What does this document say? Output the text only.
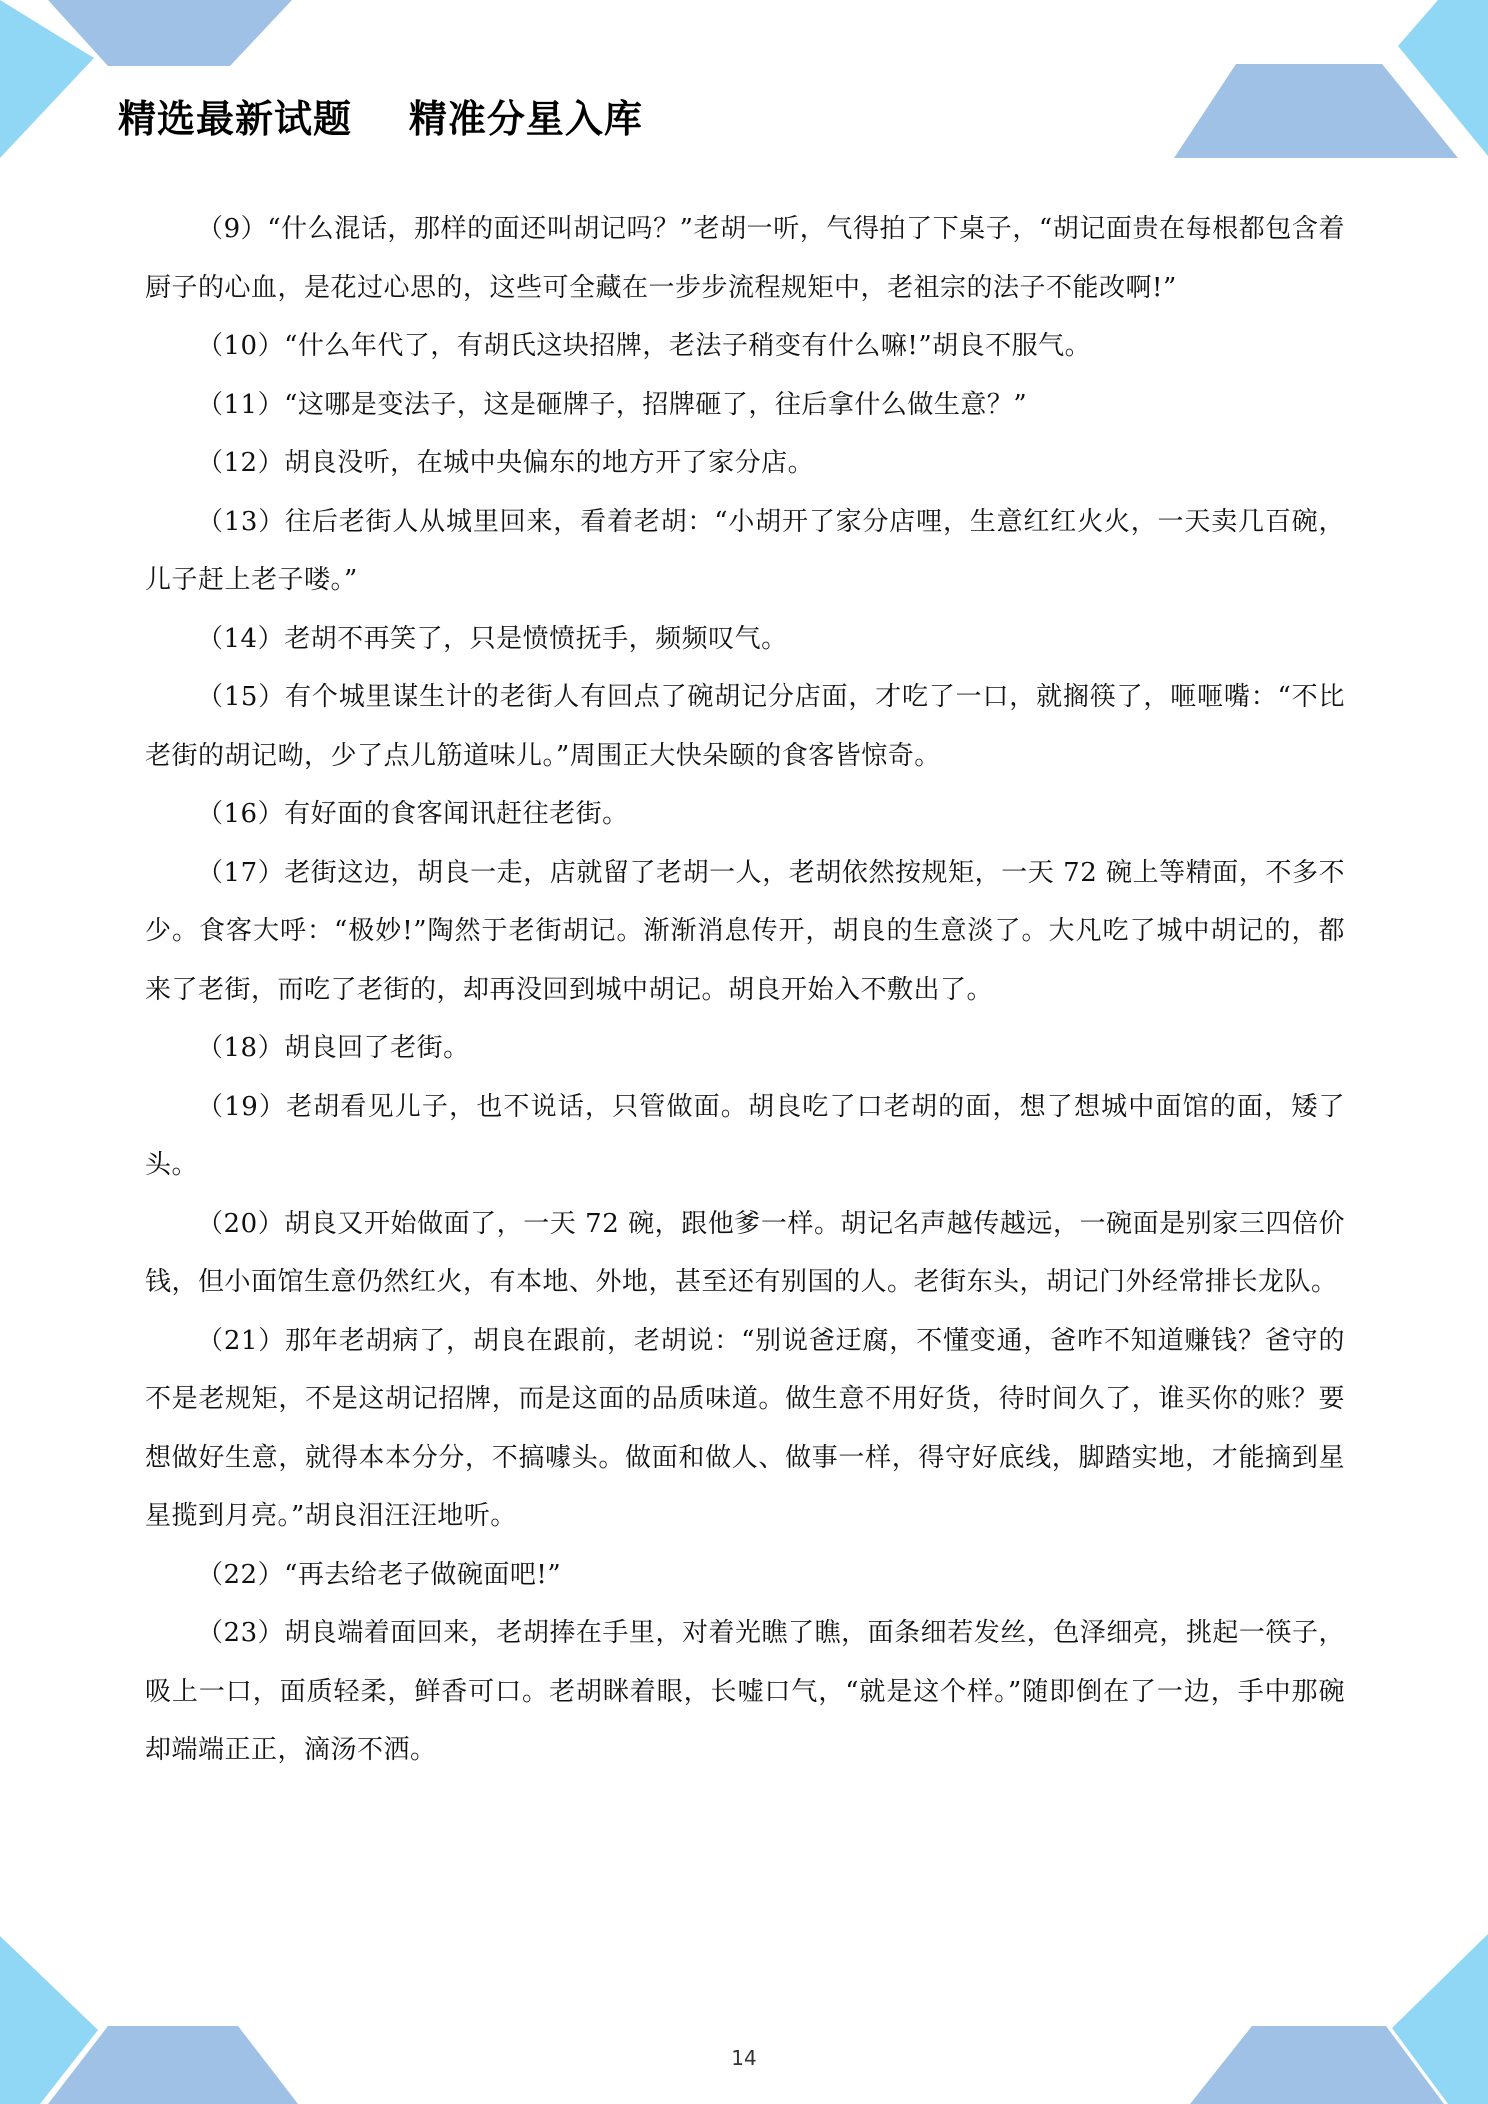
精选最新试题    精准分星入库

（9）“什么混话，那样的面还叫胡记吗？”老胡一听，气得拍了下桌子，“胡记面贵在每根都包含着厨子的心血，是花过心思的，这些可全藏在一步步流程规矩中，老祖宗的法子不能改啊!”

（10）“什么年代了，有胡氏这块招牌，老法子稍变有什么嘛!”胡良不服气。

（11）“这哪是变法子，这是砸牌子，招牌砸了，往后拿什么做生意？”

（12）胡良没听，在城中央偏东的地方开了家分店。

（13）往后老街人从城里回来，看着老胡：“小胡开了家分店哩，生意红红火火，一天卖几百碗，儿子赶上老子喽。”

（14）老胡不再笑了，只是愤愤抚手，频频叹气。

（15）有个城里谋生计的老街人有回点了碗胡记分店面，才吃了一口，就搁筷了，咂咂嘴：“不比老街的胡记呦，少了点儿筋道味儿。”周围正大快朵颐的食客皆惊奇。

（16）有好面的食客闻讯赶往老街。

（17）老街这边，胡良一走，店就留了老胡一人，老胡依然按规矩，一天 72 碗上等精面，不多不少。食客大呼：“极妙!”陶然于老街胡记。渐渐消息传开，胡良的生意淡了。大凡吃了城中胡记的，都来了老街，而吃了老街的，却再没回到城中胡记。胡良开始入不敷出了。

（18）胡良回了老街。

（19）老胡看见儿子，也不说话，只管做面。胡良吃了口老胡的面，想了想城中面馆的面，矮了头。

（20）胡良又开始做面了，一天 72 碗，跟他爹一样。胡记名声越传越远，一碗面是别家三四倍价钱，但小面馆生意仍然红火，有本地、外地，甚至还有别国的人。老街东头，胡记门外经常排长龙队。

（21）那年老胡病了，胡良在跟前，老胡说：“别说爸迂腐，不懂变通，爸咋不知道赚钱？爸守的不是老规矩，不是这胡记招牌，而是这面的品质味道。做生意不用好货，待时间久了，谁买你的账？要想做好生意，就得本本分分，不搞噱头。做面和做人、做事一样，得守好底线，脚踏实地，才能摘到星星揽到月亮。”胡良泪汪汪地听。

（22）“再去给老子做碗面吧!”

（23）胡良端着面回来，老胡捧在手里，对着光瞧了瞧，面条细若发丝，色泽细亮，挑起一筷子，吸上一口，面质轻柔，鲜香可口。老胡眯着眼，长嘘口气，“就是这个样。”随即倒在了一边，手中那碗却端端正正，滴汤不洒。

14
